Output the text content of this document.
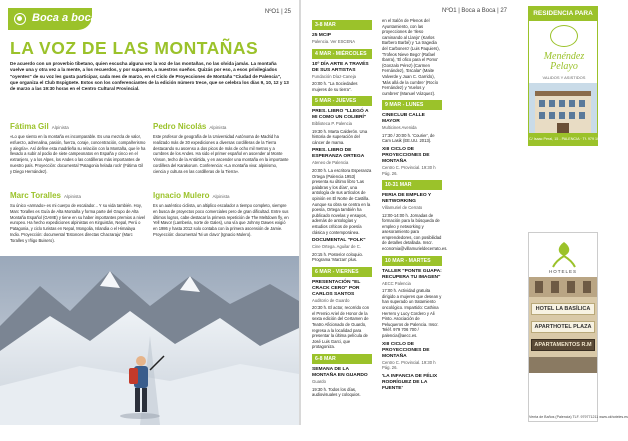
Boca a boca	NºO1 | 25
LA VOZ DE LAS MONTAÑAS
De acuerdo con un proverbio tibetano, quien escucha alguna vez la voz de las montañas, no las olvida jamás. La montaña vuelve una y otra vez a la mente, a los recuerdos, y por supuesto, a nuestros sueños. Quizás por eso, a esos privilegiados "oyentes" de su voz les gusta participar, cada mes de marzo, en el Ciclo de Proyecciones de Montaña "Ciudad de Palencia", que organiza el Club Espigüete. Estos son los conferenciantes de la edición número trece, que se celebra los días 9, 10, 12 y 13 de marzo a las 19:30 horas en el Centro Cultural Provincial.
Fátima Gil Alpinista
«Lo que siento en la montaña es incomparable. Es una mezcla de valor, esfuerzo, adrenalina, pasión, fuerza, coraje, concentración, compañerismo y alegría». Así define esta madrileña su relación con la Montaña, que le ha llevado a subir al podio de siete campeonatos en España y cinco en el extranjero, y a los Alpes, los Andes o las cordilleras más importantes de nuestro país. Proyección: documental 'Patagonia helada rock' (Fátima Gil y Diego Hernández).
Pedro Nicolás Alpinista
Este profesor de geografía de la Universidad Autónoma de Madrid ha realizado más de 30 expediciones a diversas cordilleras de la Tierra destacando su ascenso a dos picos de más de ocho mil metros y a cumbres de los Andes. Ha sido el primer español en ascender al Monte Vinson, techo de la Antártida, y en ascender una montaña en la importante cordillera del Karakorum. Conferencia: «La montaña viva: alpinismo, ciencia y cultura en las cordilleras de la Tierra».
Marc Toralles Alpinista
Su único «armado» es mi cuerpo de escalador... Y su vida también. Hoy, Marc Toralles es Guía de Alta Montaña y forma parte del Grupo de Alta Montaña Español (GAME) y tiene en su haber importantes premios a nivel europeo. Ha hecho expediciones alpinistas en Kirguistán, Nepal, Perú o Patagonia, y ciclo turistas en Nepal, Mongolia, Islandia o el Himalaya Indio. Proyección: documental 'Estonces directas Chacraraju' (Marc Toralles y Iñigo Buisero).
Ignacio Mulero Alpinista
Es un auténtico ciclista, un altiplico escalador a tiempo completo, siempre en busca de proyectos poco comerciales pero de gran dificultad. Entre sus últimos logros, cabe destacar la primera repetición de The Meltdown fly, en Yell Mavor (Lamberia, norte de Gales), una vía que Johnny Dawes exigió en 1986 y hasta 2012 solo contaba con la primera ascensión de Jamie. Proyección: documental 'Ni un clavo' (Ignacio Mulero).
3-8 MAR
25 MCIP
Palencia. Ver ESCENA
4 MAR - MIÉRCOLES
10º DÍA ARTE A TRAVÉS DE SUS ARTISTAS
Fundación Díaz-Caneja
20:00 h. "La Sociedades mujeres de su tierra".
5 MAR - JUEVES
PRES. LIBRO "LLEGÓ A MI COMO UN COLIBRÍ"
Biblioteca P. Palencia
19:30 h. Marta Calderón. Una historia de superación del cáncer de mama.
PRES. LIBRO DE ESPERANZA ORTEGA
Ateneo de Palencia
20:00 h. La escritora Esperanza Ortega (Palencia 1953) presenta su último libro 'Las palabras y los días', una antología de sus artículos de opinión en El Norte de Castilla. Aunque su obra se centra en la poesía, Ortega también ha publicado novelas y ensayos, además de antologías y estudios críticos de poesía clásica y contemporánea.
DOCUMENTAL "FOLK"
Cine Ortega. Aguilar de C.
20:15 h. Posterior coloquio. Programa 'Marzan' plus.
6 MAR - VIERNES
PRESENTACIÓN "EL CRACK CERO" POR CARLOS SANTOS
Auditorio de Guardo
20:30 h. El actor, recorrido con el Premio Ariel de Honor de la sexta edición del Certamen de Teatro Aficionado de Guardo, regresa a la localidad para presentar la última película de José Luis Garci, que protagoniza.
6-8 MAR
SEMANA DE LA MONTAÑA EN GUARDO
Guardo
19:30 h. Todos los días, audiovisuales y coloquios.
NºO1 | Boca a Boca | 27
en el Salón de Plenos del Ayuntamiento, con las proyecciones de 'Ileso caminando al Llanjo' (Karlos Barbero Barbé) y 'La tragedia del Carbonero' (Luis Paquiers), 'Trofeos Nieve Bego' (Rafael Ibarra), 'El ofico para el Pomo' (Gonzalo Pérez) (Carmen Fernández), 'Escalar' (Maite Valverde y Juan C. Garrido), 'Más allá de la cumbre' (Rocío Fernández) y 'Vuelos y cumbres' (Manuel Vázquez).
9 MAR - LUNES
CINECLUB CALLE MAYOR
Multicines Avenida
17:30 / 20:00 h. 'Courier', de Cam Lasik (EE.UU. 2013).
XIII CICLO DE PROYECCIONES DE MONTAÑA
Centro C. Provincial. 19:30 h Pág. 26.
10-31 MAR
FERIA DE EMPLEO Y NETWORKING
Villamuriel de Cerrato
12:00-14:00 h. Jornadas de formación para la búsqueda de empleo y networking y asesoramiento para emprendedores, con posibilidad de detalles detallada. Inscr. economia@villamurieldecerrato.es.
10 MAR - MARTES
TALLER "PONTE GUAPA: RECUPERA TU IMAGEN"
AECC Palencia
17:00 h. Actividad gratuita dirigido a mujeres que desean y han superado un tratamiento oncológico. Impartido: Cathina Herrero y Lucy Cordero y Ali Pinto. Asociación de Peluqueros de Palencia. Inscr. Teléf. 979 706 700 / palencia@aecc.es.
XIII CICLO DE PROYECCIONES DE MONTAÑA
Centro C. Provincial. 19:30 h Pág. 26.
'LA INFANCIA DE FÉLIX RODRÍGUEZ DE LA FUENTE'
RESIDENCIA PARA MAYORES
Menéndez
Pelayo
VALIDOS Y ASISTIDOS
C/ Isaac Peral, 15 - PALENCIA · Tf. 979 10 10 54
HOTELES
HOTEL LA BASÍLICA
APARTHOTEL PLAZA
APARTAMENTOS R.M
Venta de Baños (Palencia) TLF. 979771211 www.okhoteles.es
